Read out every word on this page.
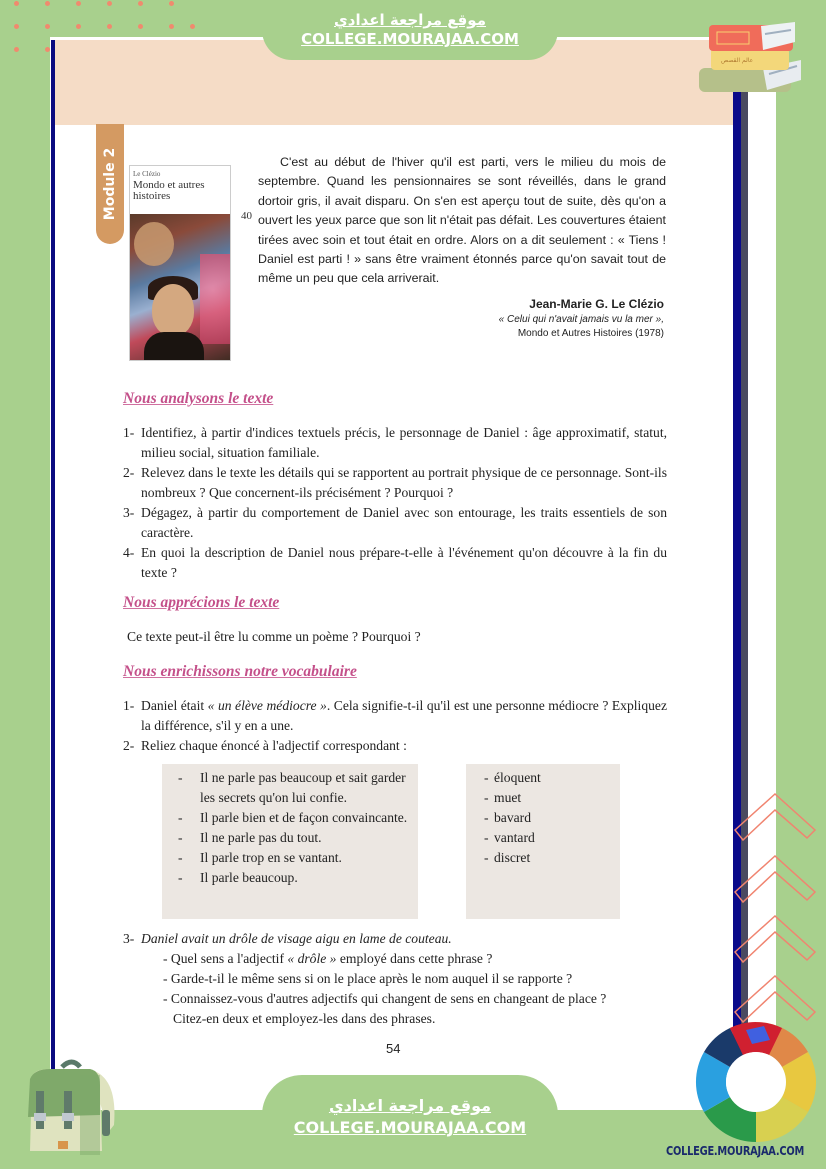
موقع مراجعة اعدادي
COLLEGE.MOURAJAA.COM
عالم القصص
Module 2 Le Clézio
Mondo et autres histoires
40

C'est au début de l'hiver qu'il est parti, vers le milieu du mois de septembre. Quand les pensionnaires se sont réveillés, dans le grand dortoir gris, il avait disparu. On s'en est aperçu tout de suite, dès qu'on a ouvert les yeux parce que son lit n'était pas défait. Les couvertures étaient tirées avec soin et tout était en ordre. Alors on a dit seulement : « Tiens ! Daniel est parti ! » sans être vraiment étonnés parce qu'on savait tout de même un peu que cela arriverait.

Jean-Marie G. Le Clézio
« Celui qui n'avait jamais vu la mer »,
Mondo et Autres Histoires (1978)
Nous analysons le texte
1- Identifiez, à partir d'indices textuels précis, le personnage de Daniel : âge approximatif, statut, milieu social, situation familiale.
2- Relevez dans le texte les détails qui se rapportent au portrait physique de ce personnage. Sont-ils nombreux ? Que concernent-ils précisément ? Pourquoi ?
3- Dégagez, à partir du comportement de Daniel avec son entourage, les traits essentiels de son caractère.
4- En quoi la description de Daniel nous prépare-t-elle à l'événement qu'on découvre à la fin du texte ?
Nous apprécions le texte
Ce texte peut-il être lu comme un poème ? Pourquoi ?
Nous enrichissons notre vocabulaire
1- Daniel était « un élève médiocre ». Cela signifie-t-il qu'il est une personne médiocre ? Expliquez la différence, s'il y en a une.
2- Reliez chaque énoncé à l'adjectif correspondant :
-	Il ne parle pas beaucoup et sait garder les secrets qu'on lui confie.
-	Il parle bien et de façon convaincante.
-	Il ne parle pas du tout.
-	Il parle trop en se vantant.
-	Il parle beaucoup.
- éloquent
- muet
- bavard
- vantard
- discret
3- Daniel avait un drôle de visage aigu en lame de couteau.
- Quel sens a l'adjectif « drôle » employé dans cette phrase ?
- Garde-t-il le même sens si on le place après le nom auquel il se rapporte ?
- Connaissez-vous d'autres adjectifs qui changent de sens en changeant de place ?
Citez-en deux et employez-les dans des phrases.
54
موقع مراجعة اعدادي
COLLEGE.MOURAJAA.COM
COLLEGE.MOURAJAA.COM
